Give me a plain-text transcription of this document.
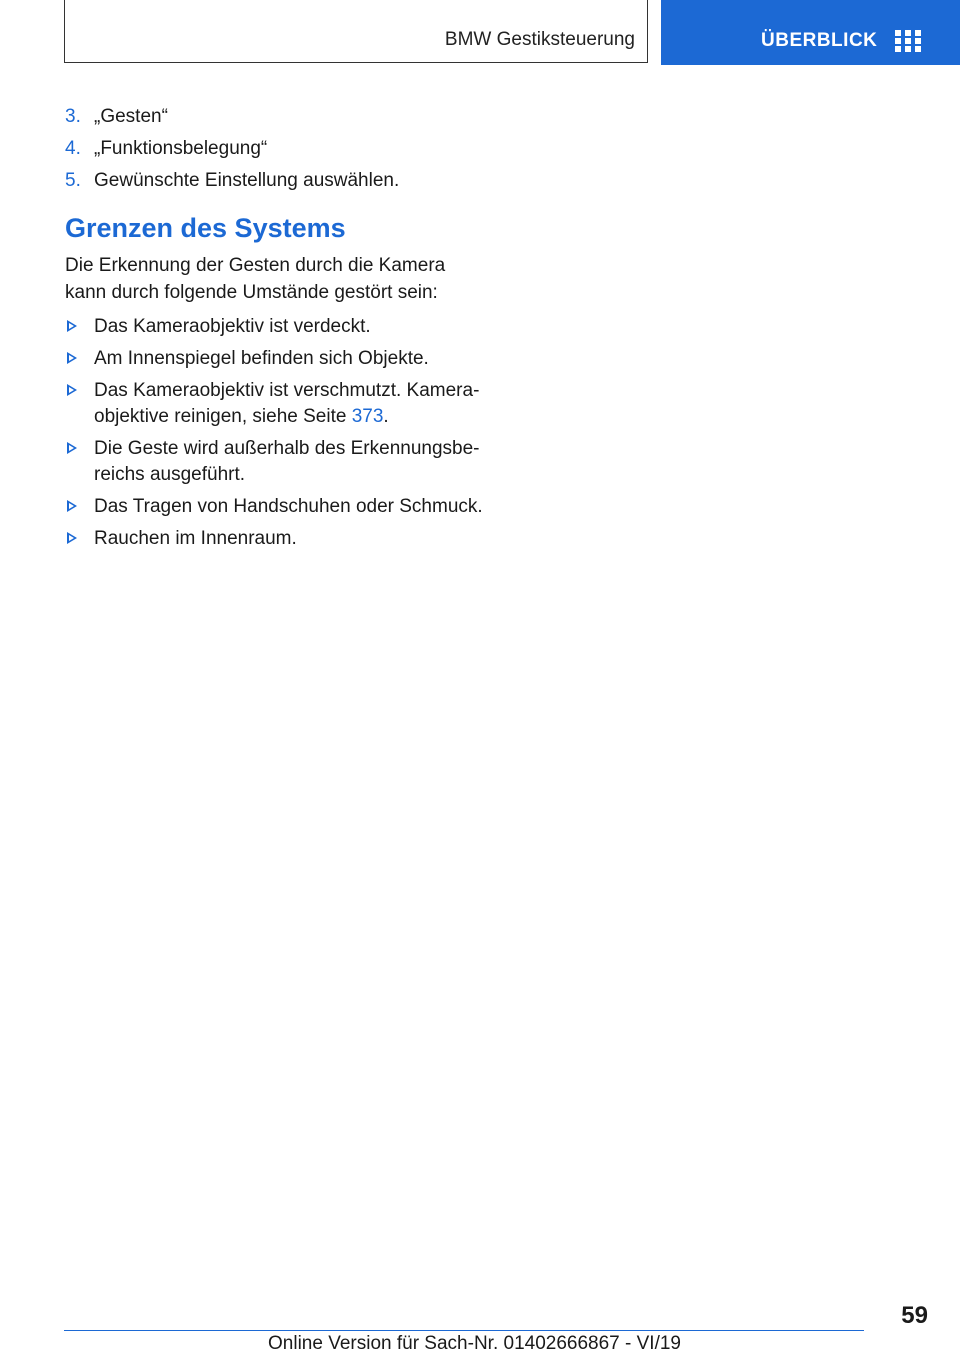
BMW Gestiksteuerung	ÜBERBLICK
3. „Gesten“
4. „Funktionsbelegung“
5. Gewünschte Einstellung auswählen.
Grenzen des Systems

Die Erkennung der Gesten durch die Kamera kann durch folgende Umstände gestört sein:

Das Kameraobjektiv ist verdeckt.
Am Innenspiegel befinden sich Objekte.
Das Kameraobjektiv ist verschmutzt. Kameraobjektive reinigen, siehe Seite 373.
Die Geste wird außerhalb des Erkennungsbereichs ausgeführt.
Das Tragen von Handschuhen oder Schmuck.
Rauchen im Innenraum.
59
Online Version für Sach-Nr. 01402666867 - VI/19
